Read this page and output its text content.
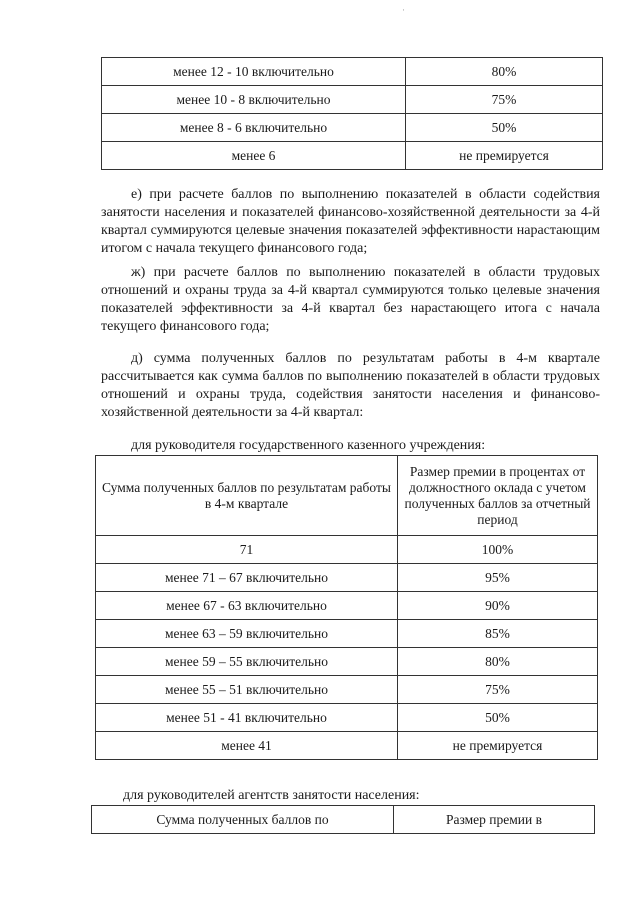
·
менее 12 - 10 включительно	80%
менее 10 - 8 включительно	75%
менее 8 - 6 включительно	50%
менее 6	не премируется

е) при расчете баллов по выполнению показателей в области содействия занятости населения и показателей финансово-хозяйственной деятельности за 4-й квартал суммируются целевые значения показателей эффективности нарастающим итогом с начала текущего финансового года;

ж) при расчете баллов по выполнению показателей в области трудовых отношений и охраны труда за 4-й квартал суммируются только целевые значения показателей эффективности за 4-й квартал без нарастающего итога с начала текущего финансового года;

д) сумма полученных баллов по результатам работы в 4-м квартале рассчитывается как сумма баллов по выполнению показателей в области трудовых отношений и охраны труда, содействия занятости населения и финансово-хозяйственной деятельности за 4-й квартал:

для руководителя государственного казенного учреждения:

Сумма полученных баллов по результатам работы в 4-м квартале	Размер премии в процентах от должностного оклада с учетом полученных баллов за отчетный период
71	100%
менее 71 – 67 включительно	95%
менее 67 - 63 включительно	90%
менее 63 – 59 включительно	85%
менее 59 – 55 включительно	80%
менее 55 – 51 включительно	75%
менее 51 - 41 включительно	50%
менее 41	не премируется

для руководителей агентств занятости населения:

Сумма полученных баллов по	Размер премии в
